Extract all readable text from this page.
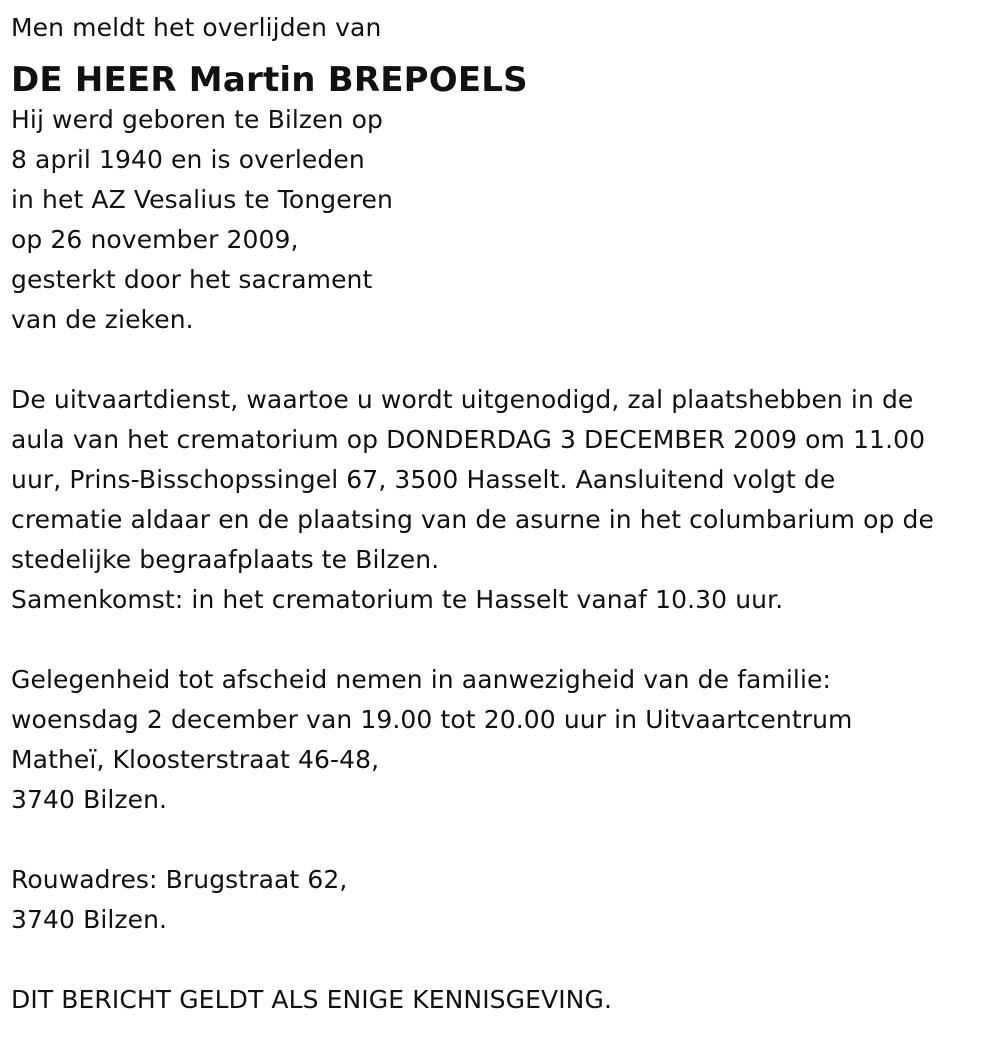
Men meldt het overlijden van
DE HEER Martin BREPOELS
Hij werd geboren te Bilzen op
8 april 1940 en is overleden
in het AZ Vesalius te Tongeren
op 26 november 2009,
gesterkt door het sacrament
van de zieken.
De uitvaartdienst, waartoe u wordt uitgenodigd, zal plaatshebben in de
aula van het crematorium op DONDERDAG 3 DECEMBER 2009 om 11.00
uur, Prins-Bisschopssingel 67, 3500 Hasselt. Aansluitend volgt de
crematie aldaar en de plaatsing van de asurne in het columbarium op de
stedelijke begraafplaats te Bilzen.
Samenkomst: in het crematorium te Hasselt vanaf 10.30 uur.
Gelegenheid tot afscheid nemen in aanwezigheid van de familie:
woensdag 2 december van 19.00 tot 20.00 uur in Uitvaartcentrum
Matheï, Kloosterstraat 46-48,
3740 Bilzen.
Rouwadres: Brugstraat 62,
3740 Bilzen.
DIT BERICHT GELDT ALS ENIGE KENNISGEVING.
